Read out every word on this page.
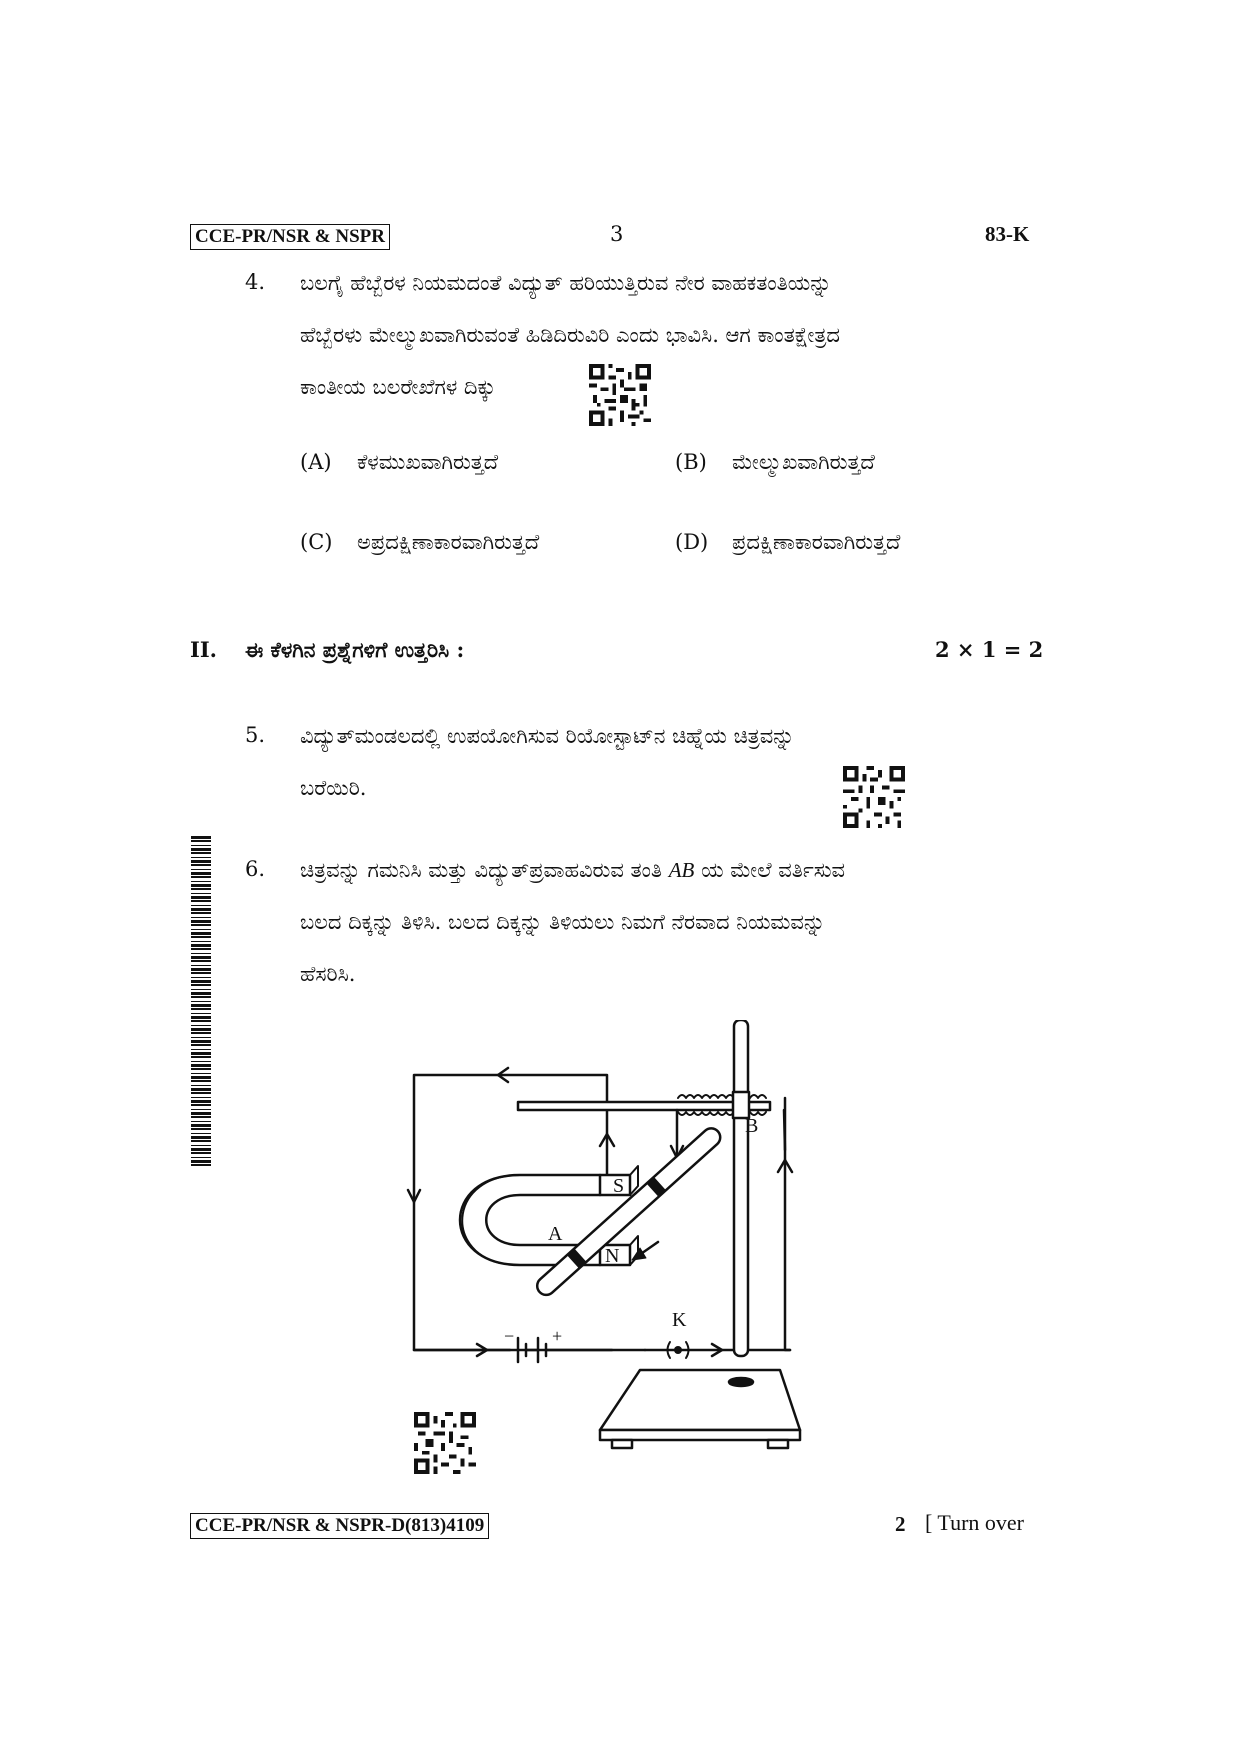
CCE-PR/NSR & NSPR	3	83-K
4. ಬಲಗೈ ಹೆಬ್ಬೆರಳ ನಿಯಮದಂತೆ ವಿದ್ಯುತ್ ಹರಿಯುತ್ತಿರುವ ನೇರ ವಾಹಕತಂತಿಯನ್ನು
ಹೆಬ್ಬೆರಳು ಮೇಲ್ಮುಖವಾಗಿರುವಂತೆ ಹಿಡಿದಿರುವಿರಿ ಎಂದು ಭಾವಿಸಿ. ಆಗ ಕಾಂತಕ್ಷೇತ್ರದ
ಕಾಂತೀಯ ಬಲರೇಖೆಗಳ ದಿಕ್ಕು
(A) ಕೆಳಮುಖವಾಗಿರುತ್ತದೆ	(B) ಮೇಲ್ಮುಖವಾಗಿರುತ್ತದೆ
(C) ಅಪ್ರದಕ್ಷಿಣಾಕಾರವಾಗಿರುತ್ತದೆ	(D) ಪ್ರದಕ್ಷಿಣಾಕಾರವಾಗಿರುತ್ತದೆ
II. ಈ ಕೆಳಗಿನ ಪ್ರಶ್ನೆಗಳಿಗೆ ಉತ್ತರಿಸಿ :	2 × 1 = 2
5. ವಿದ್ಯುತ್‌ಮಂಡಲದಲ್ಲಿ ಉಪಯೋಗಿಸುವ ರಿಯೋಸ್ಟಾಟ್‌ನ ಚಿಹ್ನೆಯ ಚಿತ್ರವನ್ನು
ಬರೆಯಿರಿ.
6. ಚಿತ್ರವನ್ನು ಗಮನಿಸಿ ಮತ್ತು ವಿದ್ಯುತ್‌ಪ್ರವಾಹವಿರುವ ತಂತಿ AB ಯ ಮೇಲೆ ವರ್ತಿಸುವ
ಬಲದ ದಿಕ್ಕನ್ನು ತಿಳಿಸಿ. ಬಲದ ದಿಕ್ಕನ್ನು ತಿಳಿಯಲು ನಿಮಗೆ ನೆರವಾದ ನಿಯಮವನ್ನು
ಹೆಸರಿಸಿ.
S
N
A
B
K
− +
CCE-PR/NSR & NSPR-D(813)4109	2 [ Turn over
